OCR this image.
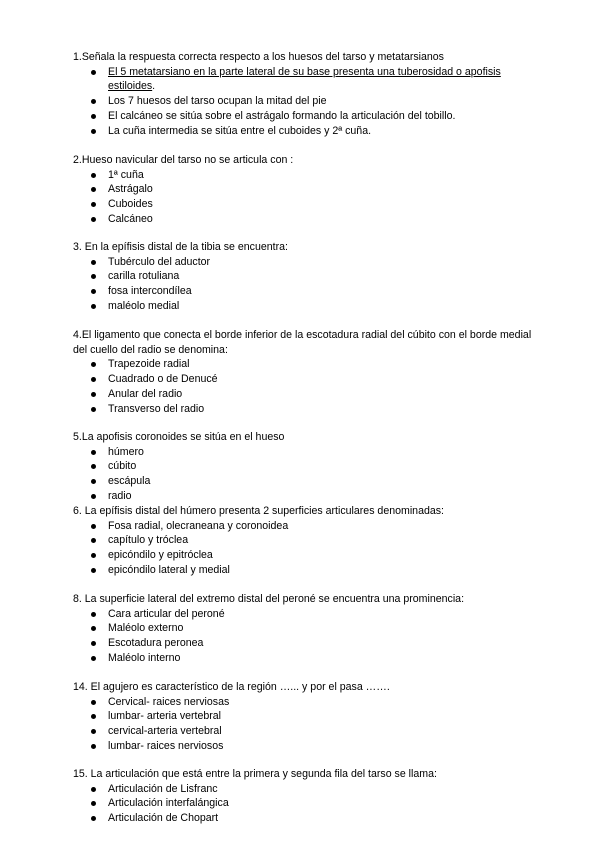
1.Señala la respuesta correcta respecto a los huesos del tarso y metatarsianos

El 5 metatarsiano en la parte lateral de su base presenta una tuberosidad o apofisis estiloides.
Los 7 huesos del tarso ocupan la mitad del pie
El calcáneo se sitúa sobre el astrágalo formando la articulación del tobillo.
La cuña intermedia se sitúa entre el cuboides y 2ª cuña.

2.Hueso navicular del tarso no se articula con :

1ª cuña
Astrágalo
Cuboides
Calcáneo

3. En la epífisis distal de la tibia se encuentra:

Tubérculo del aductor
carilla rotuliana
fosa intercondílea
maléolo medial

4.El ligamento que conecta el borde inferior de la escotadura radial del cúbito con el borde medial del cuello del radio se denomina:

Trapezoide radial
Cuadrado o de Denucé
Anular del radio
Transverso del radio

5.La apofisis coronoides se sitúa en el hueso

húmero
cúbito
escápula
radio

6. La epífisis distal del húmero presenta 2 superficies articulares denominadas:

Fosa radial, olecraneana y coronoidea
capítulo y tróclea
epicóndilo y epitróclea
epicóndilo lateral y medial

8. La superficie lateral del extremo distal del peroné se encuentra una prominencia:

Cara articular del peroné
Maléolo externo
Escotadura peronea
Maléolo interno

14. El agujero es característico de la región …... y por el pasa …….

Cervical- raices nerviosas
lumbar- arteria vertebral
cervical-arteria vertebral
lumbar- raices nerviosos

15. La articulación que está entre la primera y segunda fila del tarso se llama:

Articulación de Lisfranc
Articulación interfalángica
Articulación de Chopart
